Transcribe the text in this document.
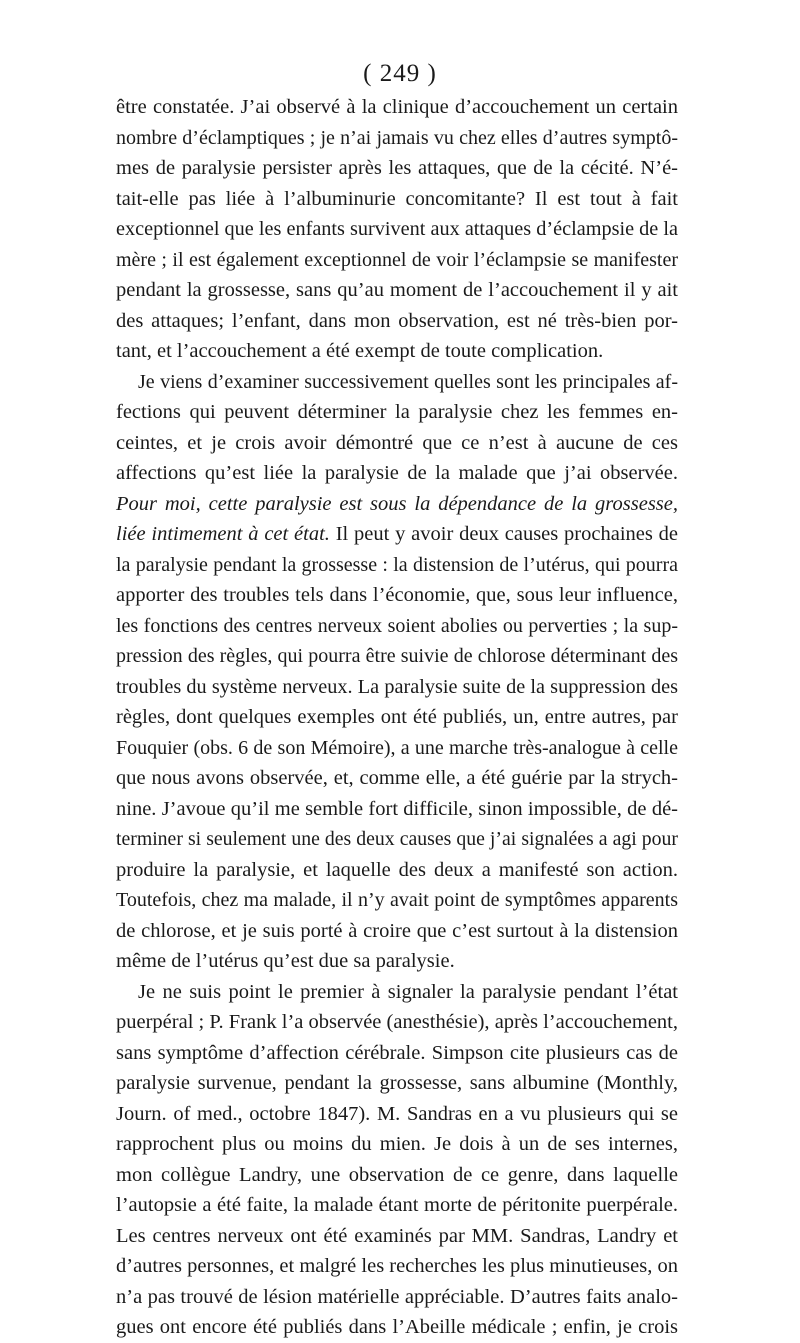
( 249 )
être constatée. J’ai observé à la clinique d’accouchement un certain
nombre d’éclamptiques ; je n’ai jamais vu chez elles d’autres symptô-
mes de paralysie persister après les attaques, que de la cécité. N’é-
tait-elle pas liée à l’albuminurie concomitante? Il est tout à fait
exceptionnel que les enfants survivent aux attaques d’éclampsie de la
mère ; il est également exceptionnel de voir l’éclampsie se manifester
pendant la grossesse, sans qu’au moment de l’accouchement il y ait
des attaques; l’enfant, dans mon observation, est né très-bien por-
tant, et l’accouchement a été exempt de toute complication.
Je viens d’examiner successivement quelles sont les principales af-
fections qui peuvent déterminer la paralysie chez les femmes en-
ceintes, et je crois avoir démontré que ce n’est à aucune de ces
affections qu’est liée la paralysie de la malade que j’ai observée.
Pour moi, cette paralysie est sous la dépendance de la grossesse,
liée intimement à cet état. Il peut y avoir deux causes prochaines de
la paralysie pendant la grossesse : la distension de l’utérus, qui pourra
apporter des troubles tels dans l’économie, que, sous leur influence,
les fonctions des centres nerveux soient abolies ou perverties ; la sup-
pression des règles, qui pourra être suivie de chlorose déterminant des
troubles du système nerveux. La paralysie suite de la suppression des
règles, dont quelques exemples ont été publiés, un, entre autres, par
Fouquier (obs. 6 de son Mémoire), a une marche très-analogue à celle
que nous avons observée, et, comme elle, a été guérie par la strych-
nine. J’avoue qu’il me semble fort difficile, sinon impossible, de dé-
terminer si seulement une des deux causes que j’ai signalées a agi pour
produire la paralysie, et laquelle des deux a manifesté son action.
Toutefois, chez ma malade, il n’y avait point de symptômes apparents
de chlorose, et je suis porté à croire que c’est surtout à la distension
même de l’utérus qu’est due sa paralysie.
Je ne suis point le premier à signaler la paralysie pendant l’état
puerpéral ; P. Frank l’a observée (anesthésie), après l’accouchement,
sans symptôme d’affection cérébrale. Simpson cite plusieurs cas de
paralysie survenue, pendant la grossesse, sans albumine (Monthly,
Journ. of med., octobre 1847). M. Sandras en a vu plusieurs qui se
rapprochent plus ou moins du mien. Je dois à un de ses internes,
mon collègue Landry, une observation de ce genre, dans laquelle
l’autopsie a été faite, la malade étant morte de péritonite puerpérale.
Les centres nerveux ont été examinés par MM. Sandras, Landry et
d’autres personnes, et malgré les recherches les plus minutieuses, on
n’a pas trouvé de lésion matérielle appréciable. D’autres faits analo-
gues ont encore été publiés dans l’Abeille médicale ; enfin, je crois
